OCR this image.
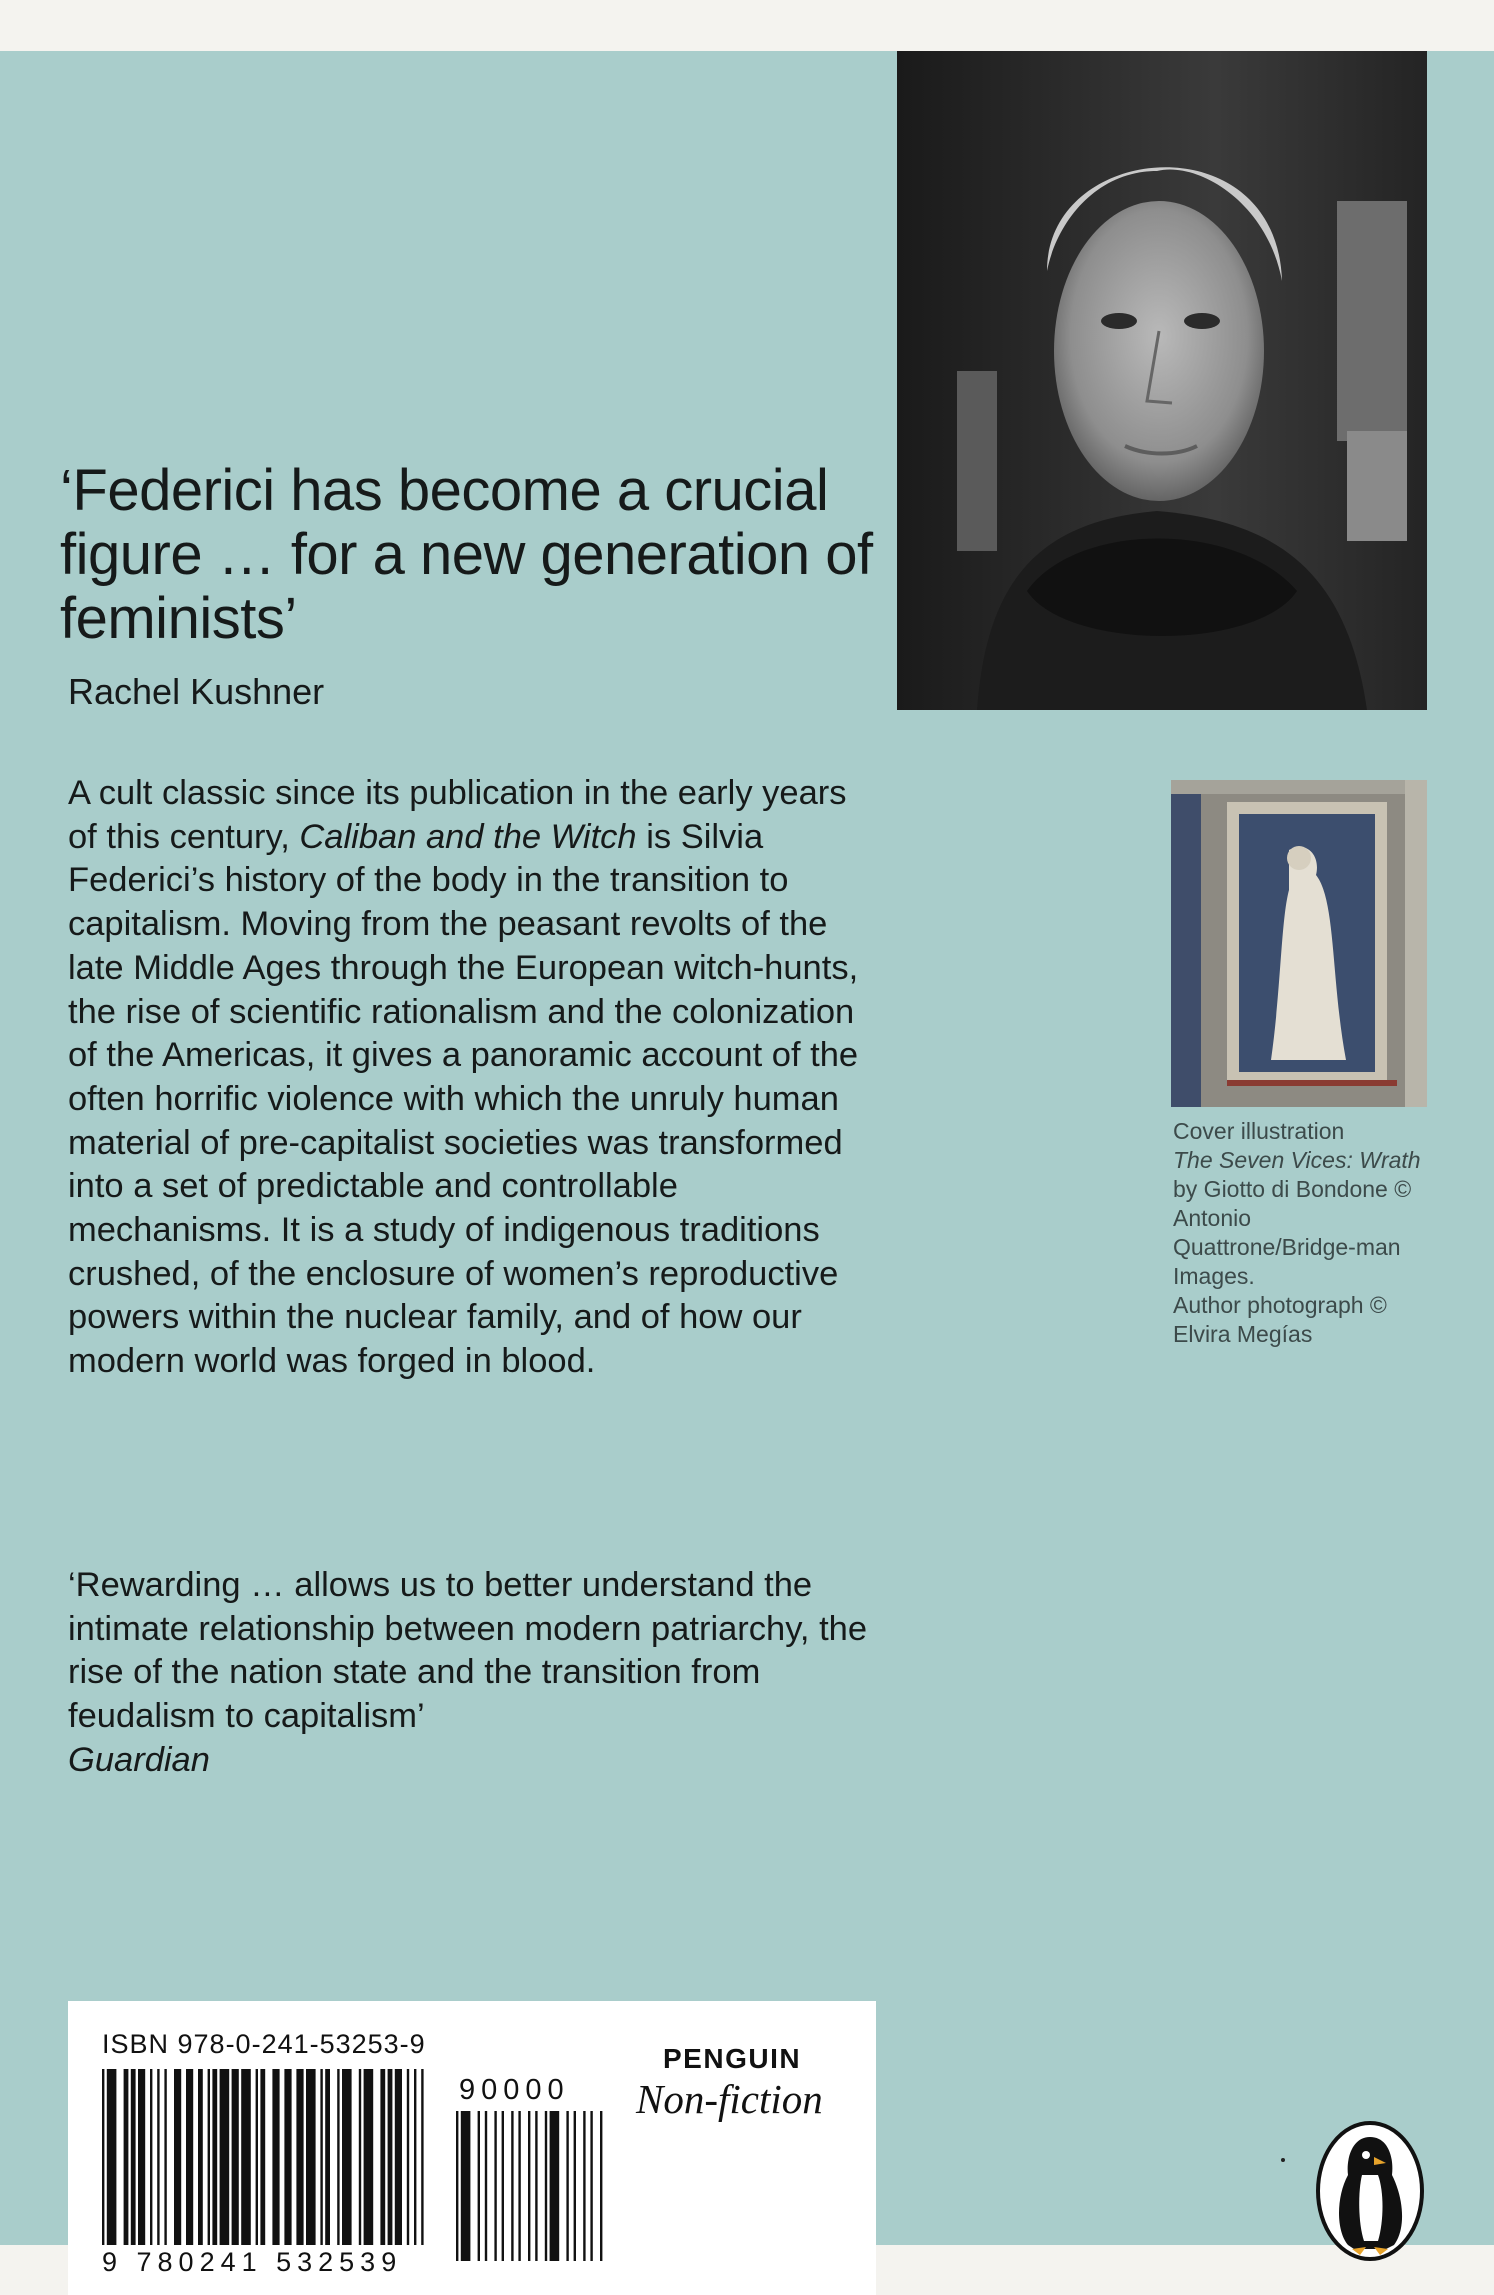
‘Federici has become a crucial figure … for a new generation of feminists’
Rachel Kushner

A cult classic since its publication in the early years of this century, Caliban and the Witch is Silvia Federici’s history of the body in the transition to capitalism. Moving from the peasant revolts of the late Middle Ages through the European witch-hunts, the rise of scientific rationalism and the colonization of the Americas, it gives a panoramic account of the often horrific violence with which the unruly human material of pre-capitalist societies was transformed into a set of predictable and controllable mechanisms. It is a study of indigenous traditions crushed, of the enclosure of women’s reproductive powers within the nuclear family, and of how our modern world was forged in blood.

Cover illustration
The Seven Vices: Wrath by Giotto di Bondone © Antonio Quattrone/Bridge-man Images.
Author photograph © Elvira Megías

‘Rewarding … allows us to better understand the intimate relationship between modern patriarchy, the rise of the nation state and the transition from feudalism to capitalism’
Guardian

ISBN 978-0-241-53253-9
9 780241 532539
90000
PENGUIN
Non-fiction
